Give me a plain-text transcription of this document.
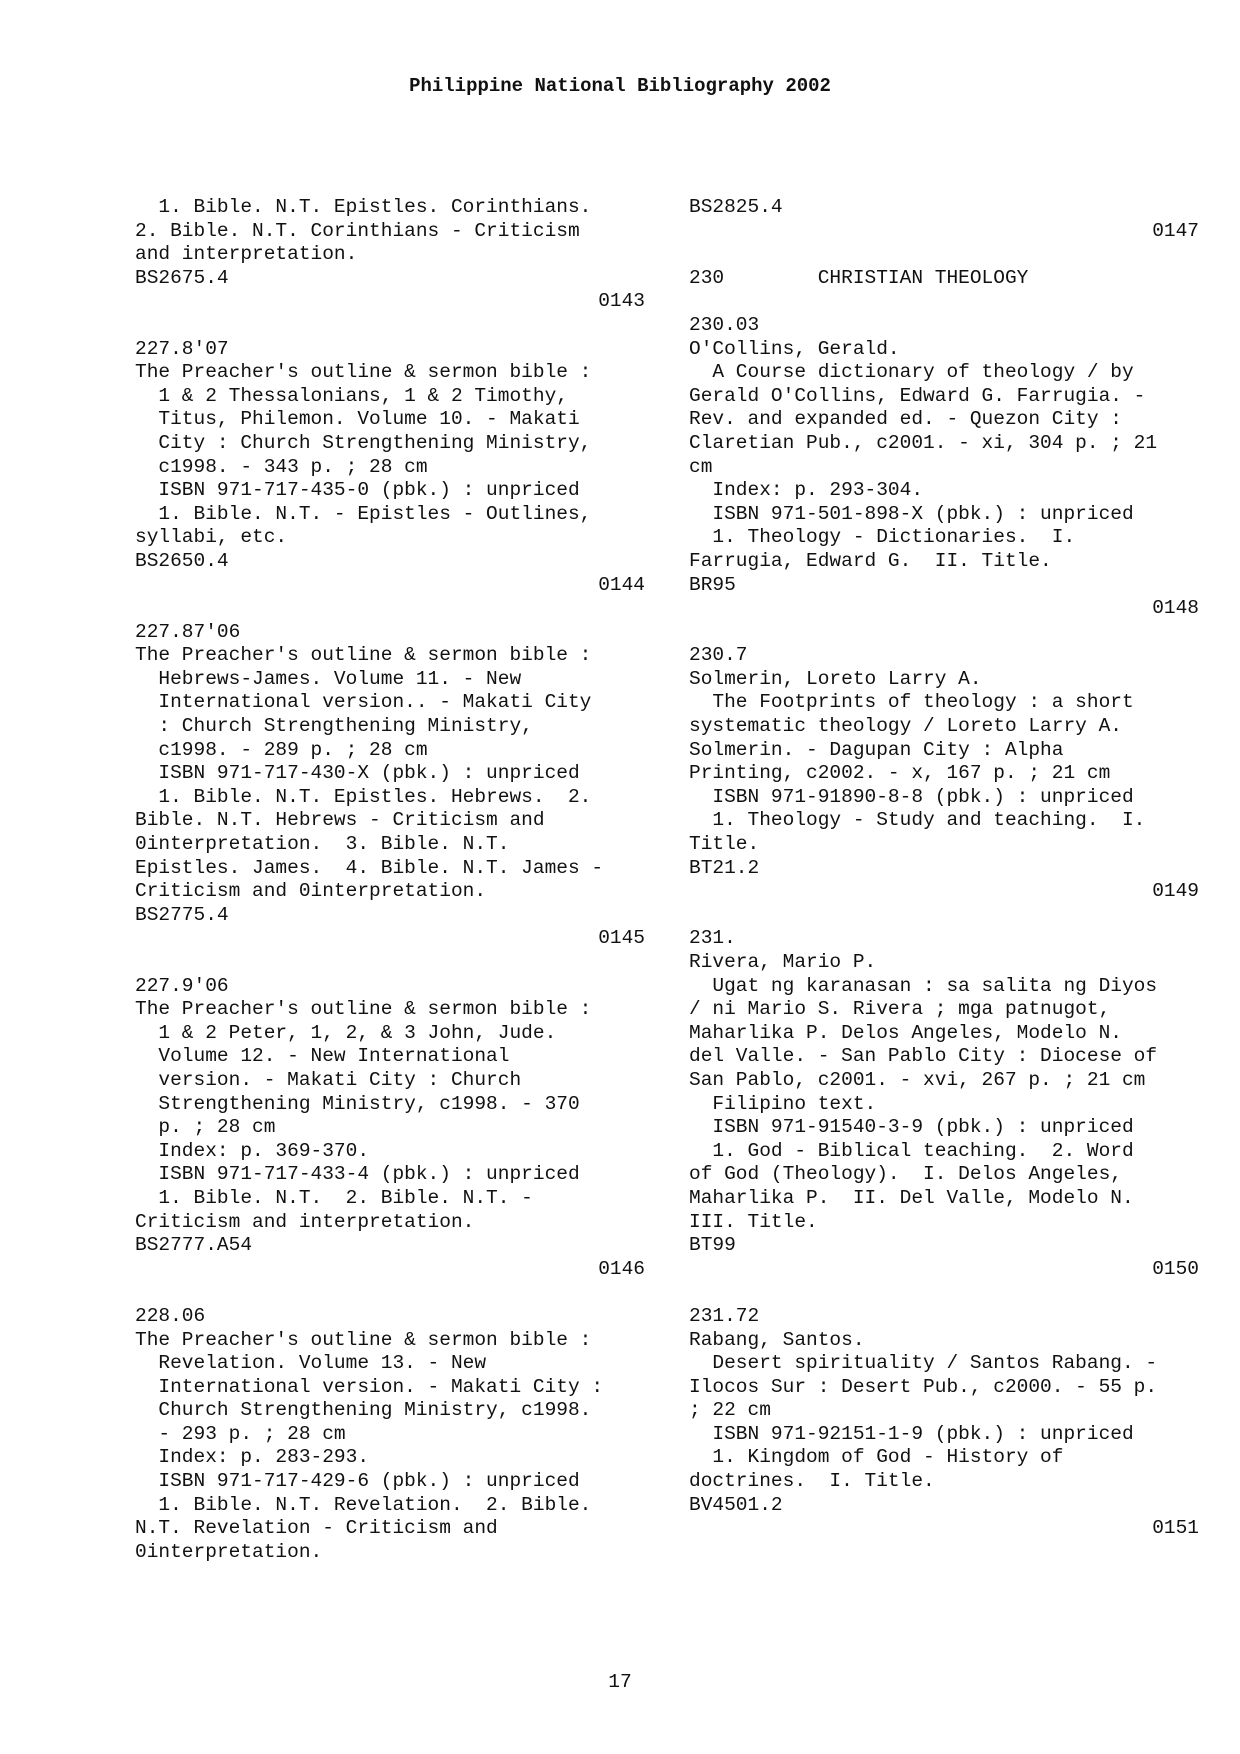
Philippine National Bibliography 2002
1. Bible. N.T. Epistles. Corinthians.
2. Bible. N.T. Corinthians - Criticism
and interpretation.
BS2675.4
0143
227.8'07
The Preacher's outline & sermon bible :
1 & 2 Thessalonians, 1 & 2 Timothy,
Titus, Philemon. Volume 10. - Makati
City : Church Strengthening Ministry,
c1998. - 343 p. ; 28 cm
ISBN 971-717-435-0 (pbk.) : unpriced
1. Bible. N.T. - Epistles - Outlines,
syllabi, etc.
BS2650.4
0144
227.87'06
The Preacher's outline & sermon bible :
Hebrews-James. Volume 11. - New
International version.. - Makati City
: Church Strengthening Ministry,
c1998. - 289 p. ; 28 cm
ISBN 971-717-430-X (pbk.) : unpriced
1. Bible. N.T. Epistles. Hebrews.  2.
Bible. N.T. Hebrews - Criticism and
0interpretation.  3. Bible. N.T.
Epistles. James.  4. Bible. N.T. James -
Criticism and 0interpretation.
BS2775.4
0145
227.9'06
The Preacher's outline & sermon bible :
1 & 2 Peter, 1, 2, & 3 John, Jude.
Volume 12. - New International
version. - Makati City : Church
Strengthening Ministry, c1998. - 370
p. ; 28 cm
Index: p. 369-370.
ISBN 971-717-433-4 (pbk.) : unpriced
1. Bible. N.T.  2. Bible. N.T. -
Criticism and interpretation.
BS2777.A54
0146
228.06
The Preacher's outline & sermon bible :
Revelation. Volume 13. - New
International version. - Makati City :
Church Strengthening Ministry, c1998.
- 293 p. ; 28 cm
Index: p. 283-293.
ISBN 971-717-429-6 (pbk.) : unpriced
1. Bible. N.T. Revelation.  2. Bible.
N.T. Revelation - Criticism and
0interpretation.
BS2825.4
0147
230        CHRISTIAN THEOLOGY
230.03
O'Collins, Gerald.
A Course dictionary of theology / by
Gerald O'Collins, Edward G. Farrugia. -
Rev. and expanded ed. - Quezon City :
Claretian Pub., c2001. - xi, 304 p. ; 21
cm
Index: p. 293-304.
ISBN 971-501-898-X (pbk.) : unpriced
1. Theology - Dictionaries.  I.
Farrugia, Edward G.  II. Title.
BR95
0148
230.7
Solmerin, Loreto Larry A.
The Footprints of theology : a short
systematic theology / Loreto Larry A.
Solmerin. - Dagupan City : Alpha
Printing, c2002. - x, 167 p. ; 21 cm
ISBN 971-91890-8-8 (pbk.) : unpriced
1. Theology - Study and teaching.  I.
Title.
BT21.2
0149
231.
Rivera, Mario P.
Ugat ng karanasan : sa salita ng Diyos
/ ni Mario S. Rivera ; mga patnugot,
Maharlika P. Delos Angeles, Modelo N.
del Valle. - San Pablo City : Diocese of
San Pablo, c2001. - xvi, 267 p. ; 21 cm
Filipino text.
ISBN 971-91540-3-9 (pbk.) : unpriced
1. God - Biblical teaching.  2. Word
of God (Theology).  I. Delos Angeles,
Maharlika P.  II. Del Valle, Modelo N.
III. Title.
BT99
0150
231.72
Rabang, Santos.
Desert spirituality / Santos Rabang. -
Ilocos Sur : Desert Pub., c2000. - 55 p.
; 22 cm
ISBN 971-92151-1-9 (pbk.) : unpriced
1. Kingdom of God - History of
doctrines.  I. Title.
BV4501.2
0151
17
